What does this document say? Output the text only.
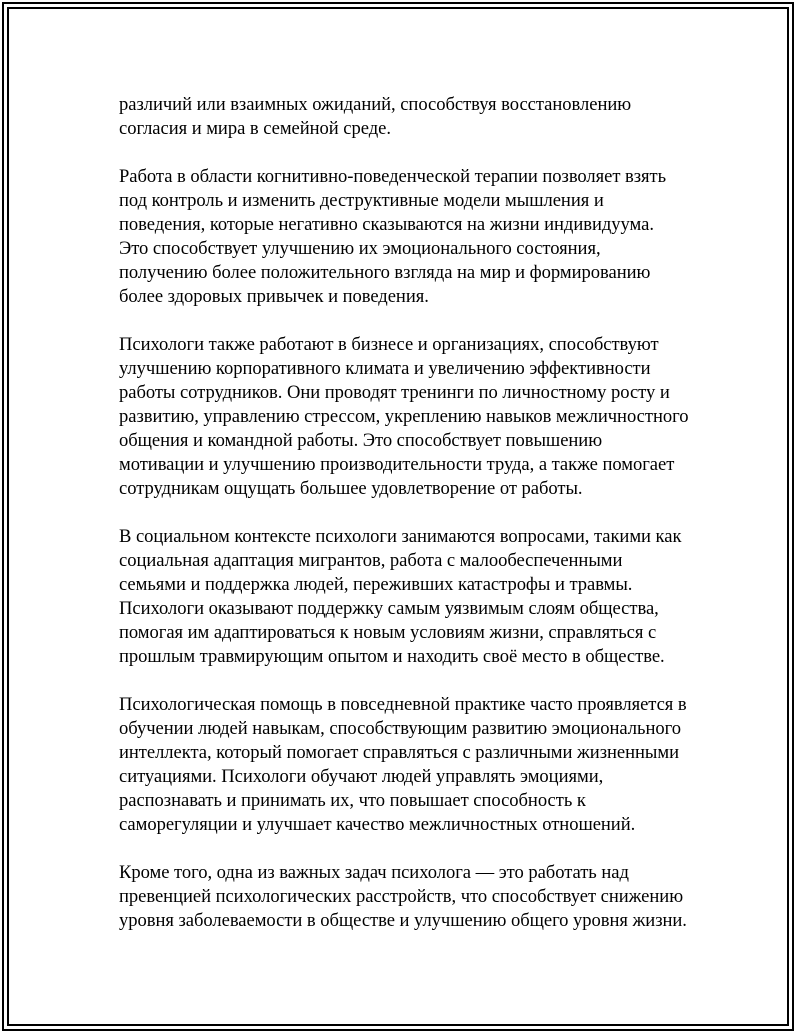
различий или взаимных ожиданий, способствуя восстановлению
согласия и мира в семейной среде.

Работа в области когнитивно-поведенческой терапии позволяет взять
под контроль и изменить деструктивные модели мышления и
поведения, которые негативно сказываются на жизни индивидуума.
Это способствует улучшению их эмоционального состояния,
получению более положительного взгляда на мир и формированию
более здоровых привычек и поведения.

Психологи также работают в бизнесе и организациях, способствуют
улучшению корпоративного климата и увеличению эффективности
работы сотрудников. Они проводят тренинги по личностному росту и
развитию, управлению стрессом, укреплению навыков межличностного
общения и командной работы. Это способствует повышению
мотивации и улучшению производительности труда, а также помогает
сотрудникам ощущать большее удовлетворение от работы.

В социальном контексте психологи занимаются вопросами, такими как
социальная адаптация мигрантов, работа с малообеспеченными
семьями и поддержка людей, переживших катастрофы и травмы.
Психологи оказывают поддержку самым уязвимым слоям общества,
помогая им адаптироваться к новым условиям жизни, справляться с
прошлым травмирующим опытом и находить своё место в обществе.

Психологическая помощь в повседневной практике часто проявляется в
обучении людей навыкам, способствующим развитию эмоционального
интеллекта, который помогает справляться с различными жизненными
ситуациями. Психологи обучают людей управлять эмоциями,
распознавать и принимать их, что повышает способность к
саморегуляции и улучшает качество межличностных отношений.

Кроме того, одна из важных задач психолога — это работать над
превенцией психологических расстройств, что способствует снижению
уровня заболеваемости в обществе и улучшению общего уровня жизни.
